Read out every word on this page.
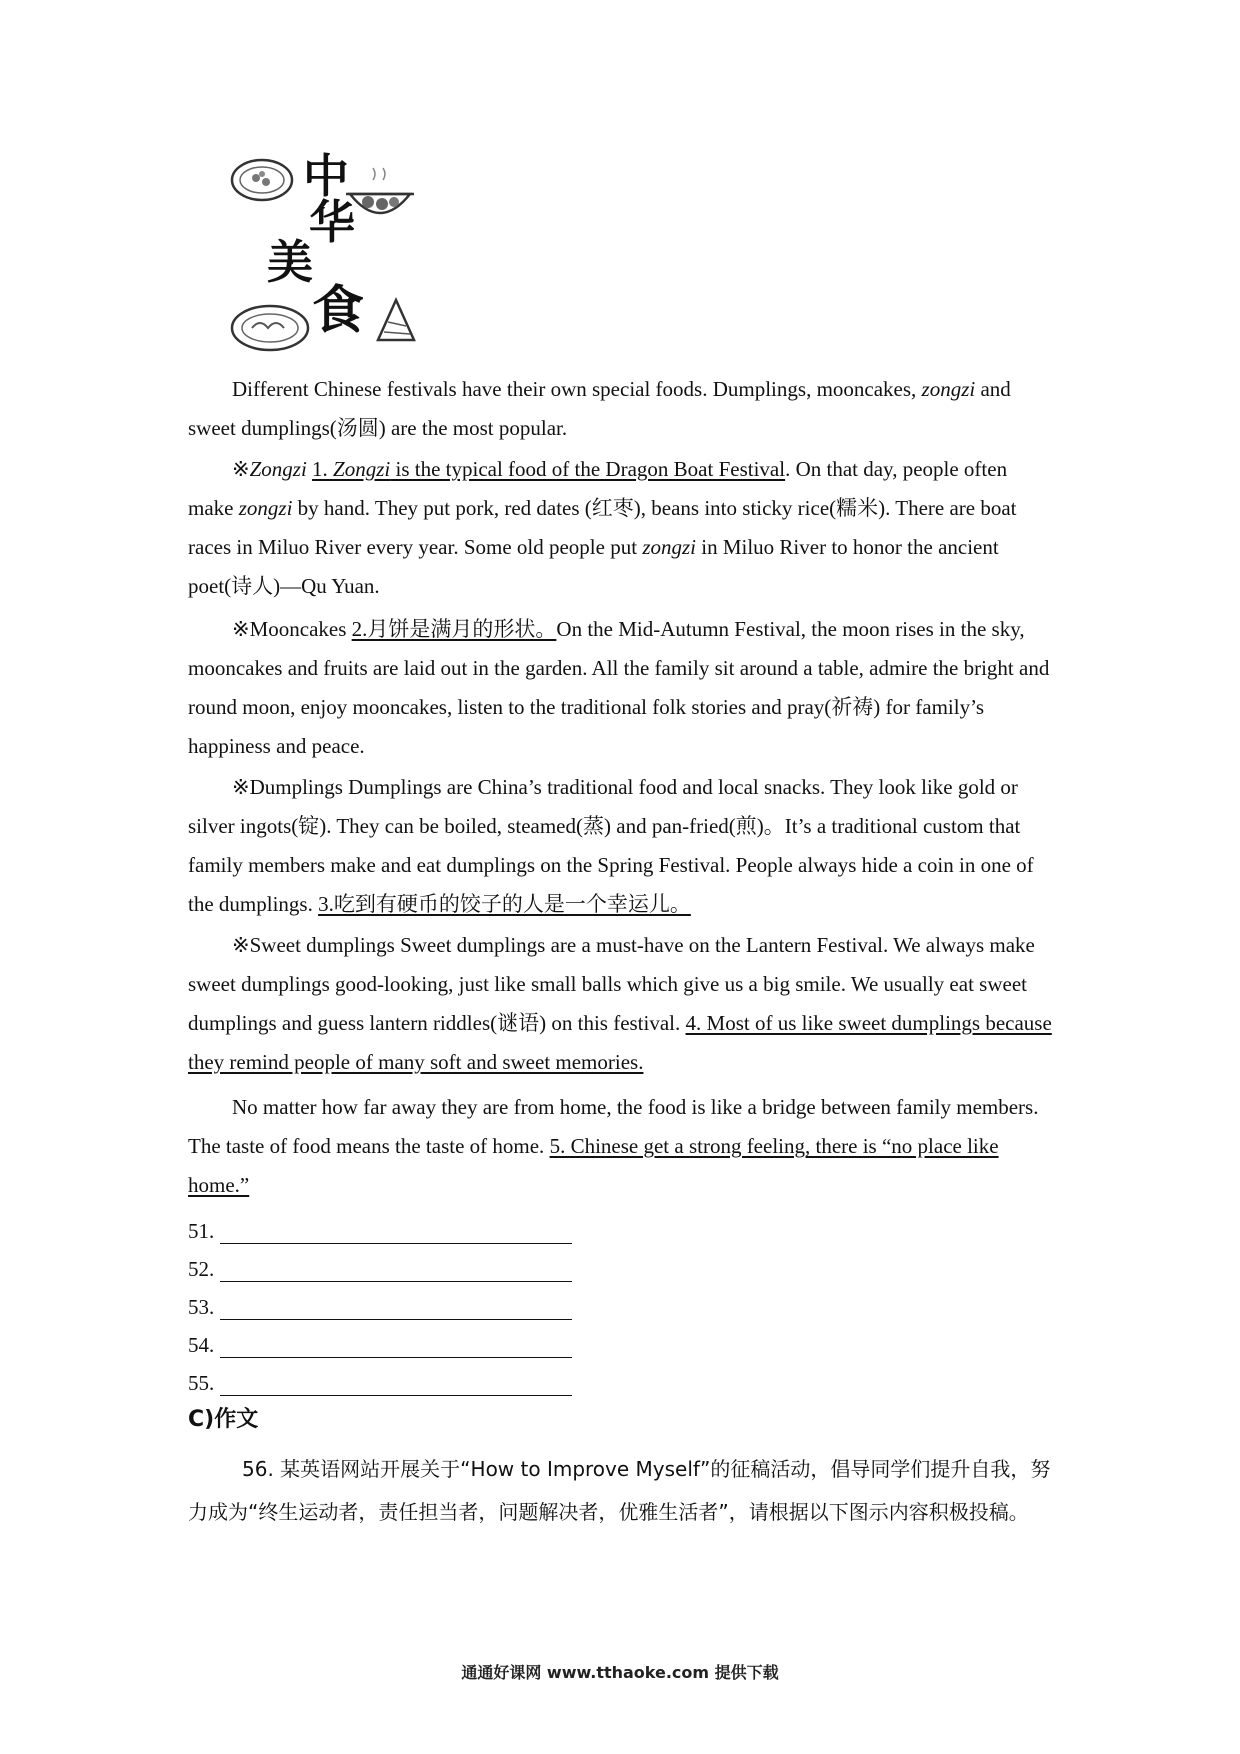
中
华
美
食
Different Chinese festivals have their own special foods. Dumplings, mooncakes, zongzi and sweet dumplings(汤圆) are the most popular.
※Zongzi 1. Zongzi is the typical food of the Dragon Boat Festival. On that day, people often make zongzi by hand. They put pork, red dates (红枣), beans into sticky rice(糯米). There are boat races in Miluo River every year. Some old people put zongzi in Miluo River to honor the ancient poet(诗人)—Qu Yuan.
※Mooncakes 2.月饼是满月的形状。On the Mid-Autumn Festival, the moon rises in the sky, mooncakes and fruits are laid out in the garden. All the family sit around a table, admire the bright and round moon, enjoy mooncakes, listen to the traditional folk stories and pray(祈祷) for family’s happiness and peace.
※Dumplings Dumplings are China’s traditional food and local snacks. They look like gold or silver ingots(锭). They can be boiled, steamed(蒸) and pan-fried(煎)。It’s a traditional custom that family members make and eat dumplings on the Spring Festival. People always hide a coin in one of the dumplings. 3.吃到有硬币的饺子的人是一个幸运儿。
※Sweet dumplings Sweet dumplings are a must-have on the Lantern Festival. We always make sweet dumplings good-looking, just like small balls which give us a big smile. We usually eat sweet dumplings and guess lantern riddles(谜语) on this festival. 4. Most of us like sweet dumplings because they remind people of many soft and sweet memories.
No matter how far away they are from home, the food is like a bridge between family members. The taste of food means the taste of home. 5. Chinese get a strong feeling, there is “no place like home.”
51.
52.
53.
54.
55.
C)作文
56. 某英语网站开展关于“How to Improve Myself”的征稿活动，倡导同学们提升自我，努力成为“终生运动者，责任担当者，问题解决者，优雅生活者”，请根据以下图示内容积极投稿。
通通好课网 www.tthaoke.com 提供下载
